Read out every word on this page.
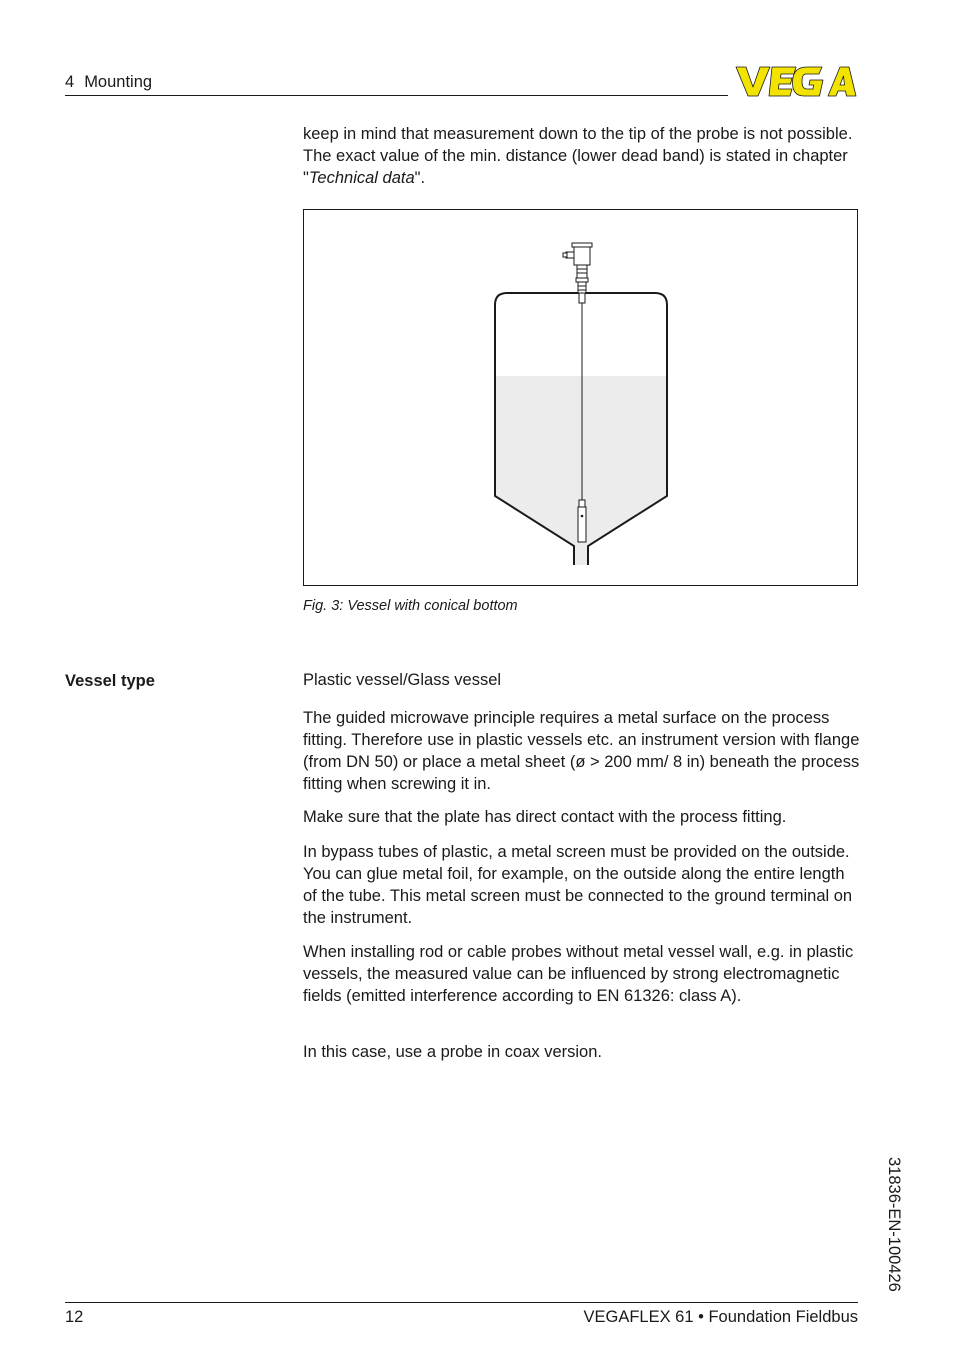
4 Mounting

keep in mind that measurement down to the tip of the probe is not possible. The exact value of the min. distance (lower dead band) is stated in chapter "Technical data".

Fig. 3: Vessel with conical bottom
Vessel type	Plastic vessel/Glass vessel

The guided microwave principle requires a metal surface on the process fitting. Therefore use in plastic vessels etc. an instrument version with flange (from DN 50) or place a metal sheet (ø > 200 mm/ 8 in) beneath the process fitting when screwing it in.

Make sure that the plate has direct contact with the process fitting.

In bypass tubes of plastic, a metal screen must be provided on the outside. You can glue metal foil, for example, on the outside along the entire length of the tube. This metal screen must be connected to the ground terminal on the instrument.

When installing rod or cable probes without metal vessel wall, e.g. in plastic vessels, the measured value can be influenced by strong electromagnetic fields (emitted interference according to EN 61326: class A).

In this case, use a probe in coax version.

31836-EN-100426
12	VEGAFLEX 61 • Foundation Fieldbus
